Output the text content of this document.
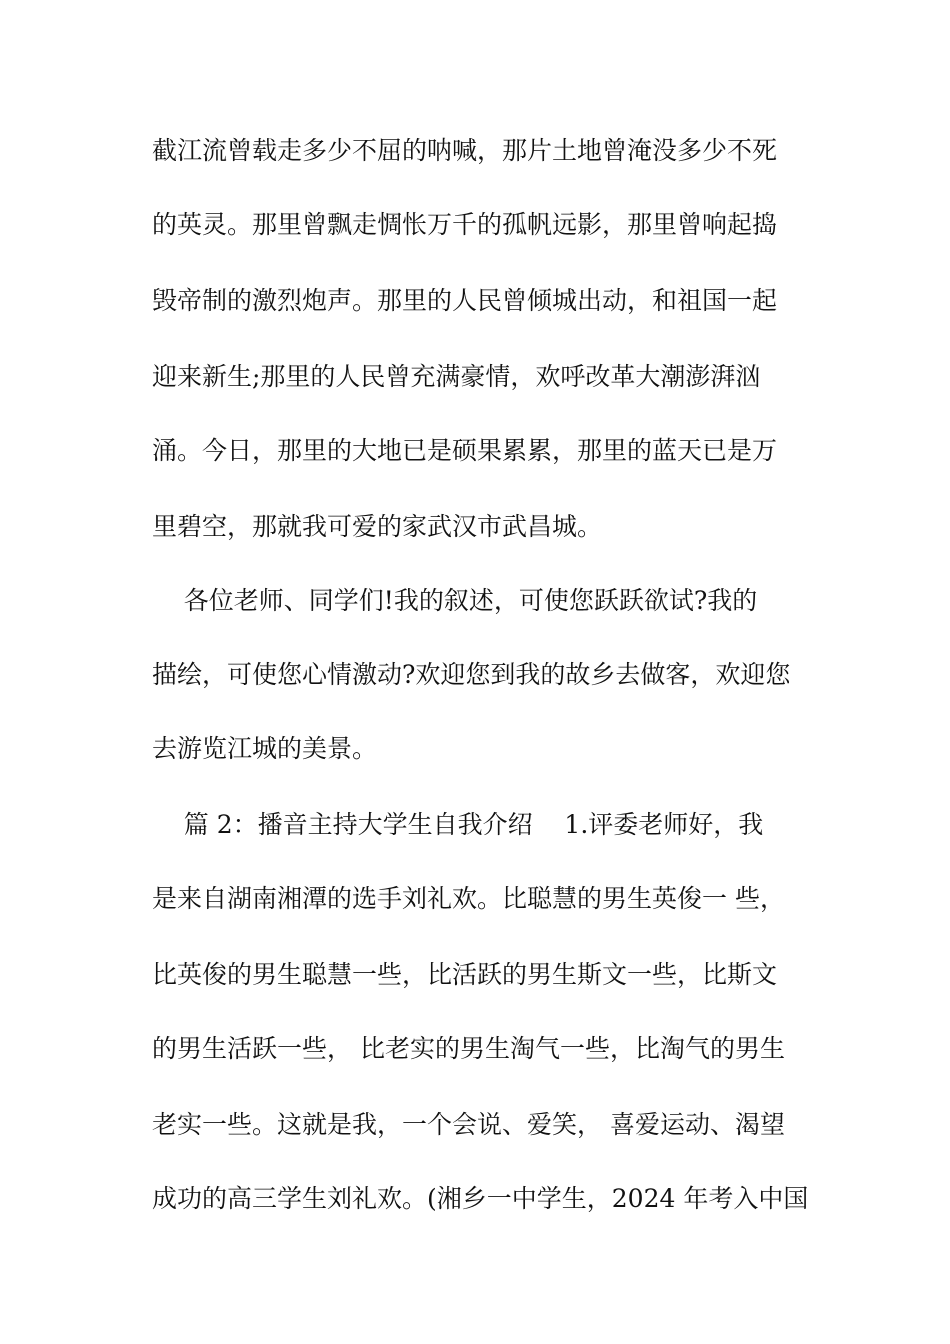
截江流曾载走多少不屈的呐喊，那片土地曾淹没多少不死
的英灵。那里曾飘走惆怅万千的孤帆远影，那里曾响起捣
毁帝制的激烈炮声。那里的人民曾倾城出动，和祖国一起
迎来新生;那里的人民曾充满豪情，欢呼改革大潮澎湃汹
涌。今日，那里的大地已是硕果累累，那里的蓝天已是万
里碧空，那就我可爱的家武汉市武昌城。
各位老师、同学们!我的叙述，可使您跃跃欲试?我的
描绘，可使您心情激动?欢迎您到我的故乡去做客，欢迎您
去游览江城的美景。
篇 2：播音主持大学生自我介绍    1.评委老师好，我
是来自湖南湘潭的选手刘礼欢。比聪慧的男生英俊一 些，
比英俊的男生聪慧一些，比活跃的男生斯文一些，比斯文
的男生活跃一些， 比老实的男生淘气一些，比淘气的男生
老实一些。这就是我，一个会说、爱笑， 喜爱运动、渴望
成功的高三学生刘礼欢。(湘乡一中学生，2024 年考入中国
